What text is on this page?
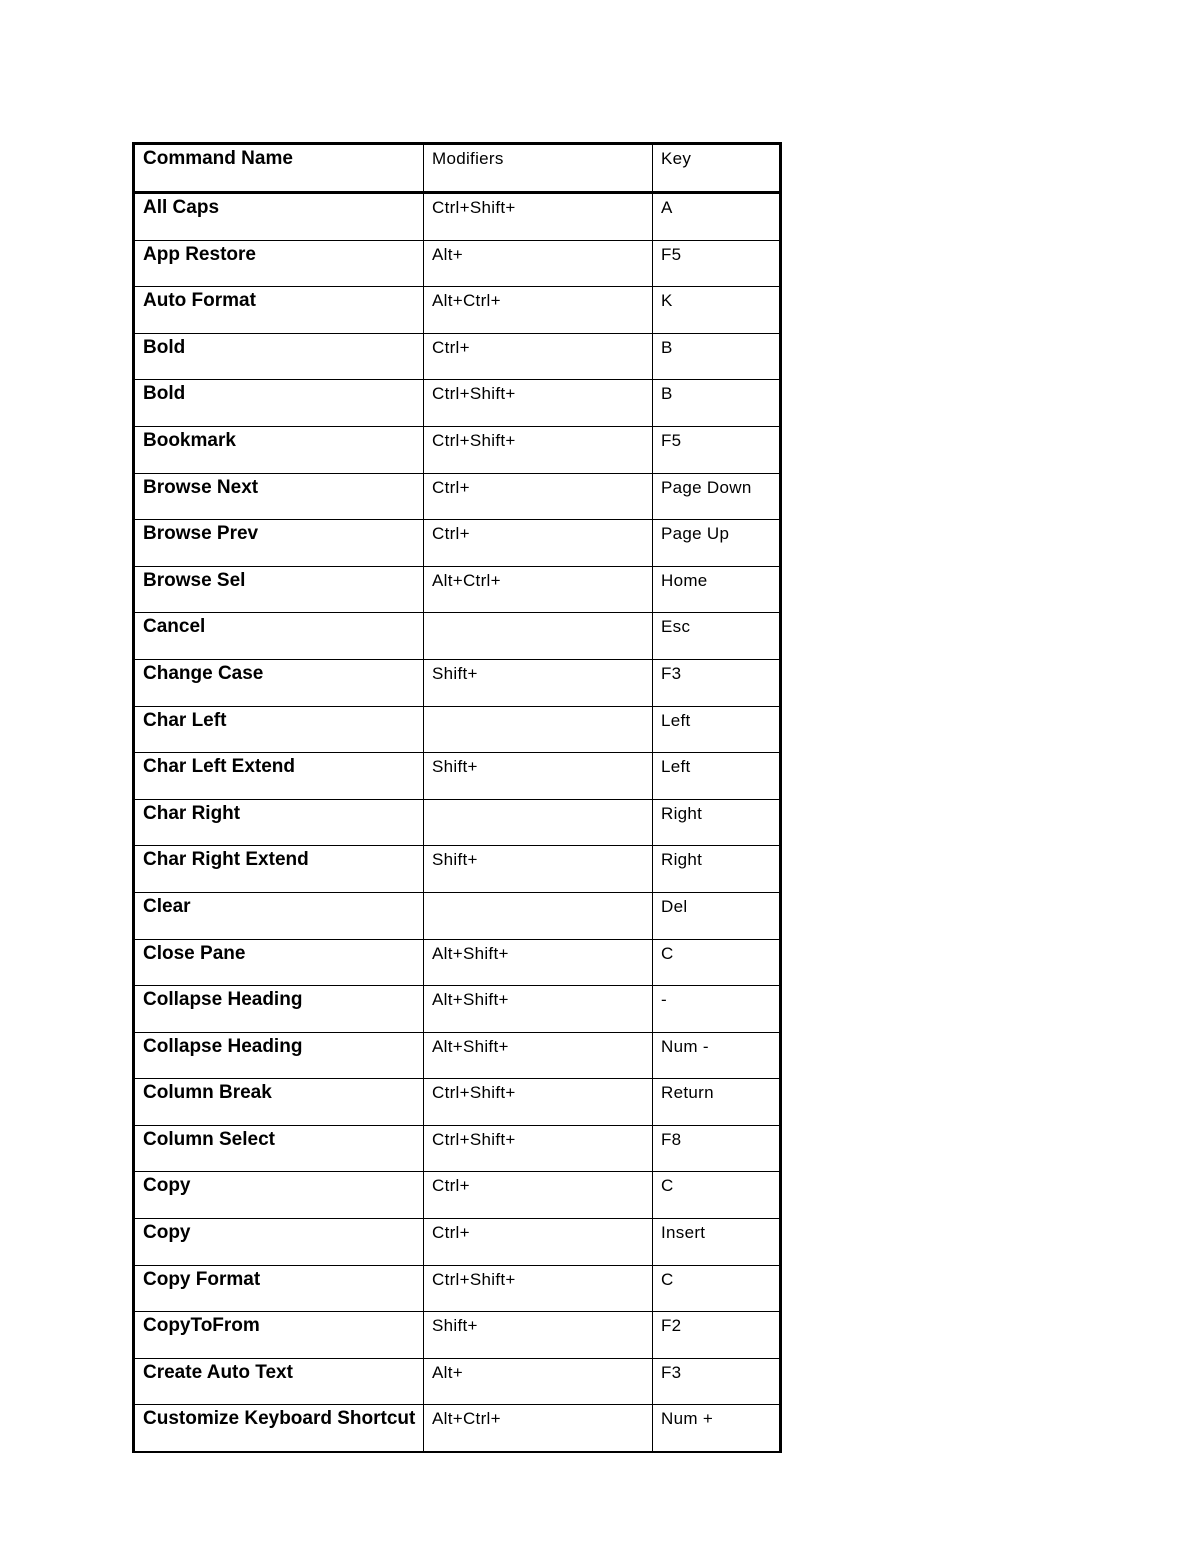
Command Name	Modifiers	Key
All Caps	Ctrl+Shift+	A
App Restore	Alt+	F5
Auto Format	Alt+Ctrl+	K
Bold	Ctrl+	B
Bold	Ctrl+Shift+	B
Bookmark	Ctrl+Shift+	F5
Browse Next	Ctrl+	Page Down
Browse Prev	Ctrl+	Page Up
Browse Sel	Alt+Ctrl+	Home
Cancel		Esc
Change Case	Shift+	F3
Char Left		Left
Char Left Extend	Shift+	Left
Char Right		Right
Char Right Extend	Shift+	Right
Clear		Del
Close Pane	Alt+Shift+	C
Collapse Heading	Alt+Shift+	-
Collapse Heading	Alt+Shift+	Num -
Column Break	Ctrl+Shift+	Return
Column Select	Ctrl+Shift+	F8
Copy	Ctrl+	C
Copy	Ctrl+	Insert
Copy Format	Ctrl+Shift+	C
CopyToFrom	Shift+	F2
Create Auto Text	Alt+	F3
Customize Keyboard Shortcut	Alt+Ctrl+	Num +
